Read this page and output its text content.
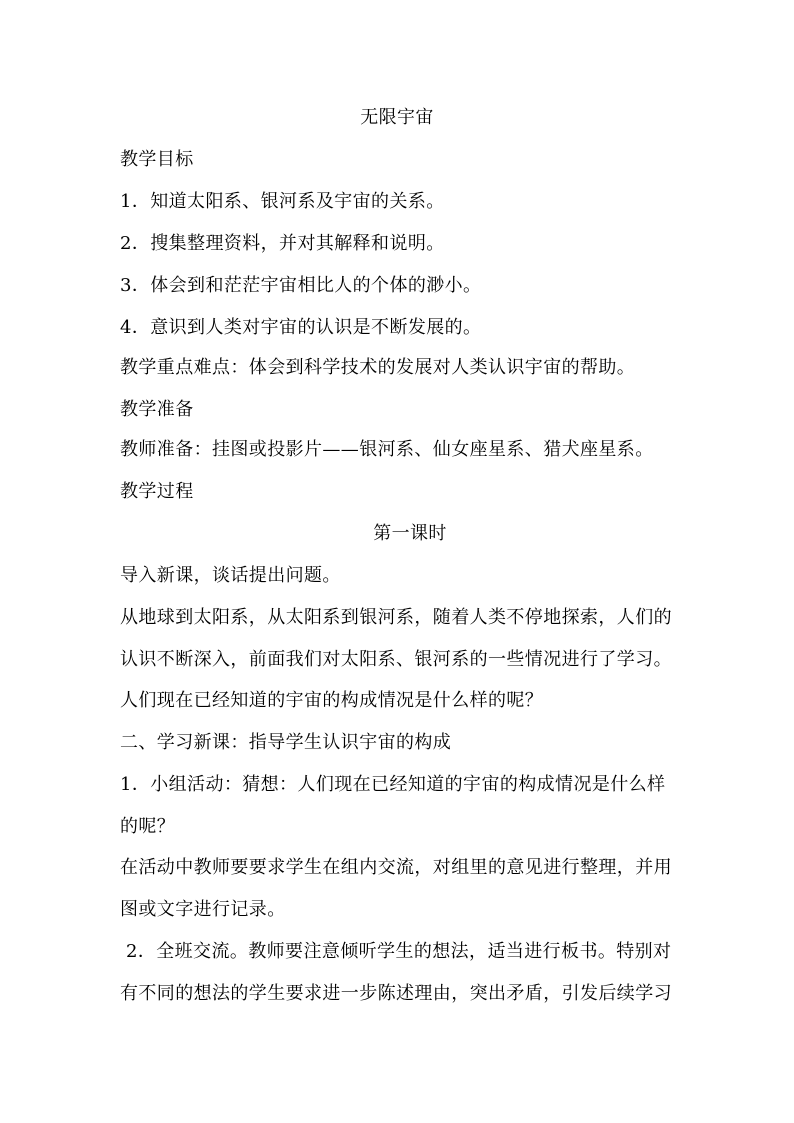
无限宇宙
教学目标
1．知道太阳系、银河系及宇宙的关系。
2．搜集整理资料，并对其解释和说明。
3．体会到和茫茫宇宙相比人的个体的渺小。
4．意识到人类对宇宙的认识是不断发展的。
教学重点难点：体会到科学技术的发展对人类认识宇宙的帮助。
教学准备
教师准备：挂图或投影片——银河系、仙女座星系、猎犬座星系。
教学过程
第一课时
导入新课，谈话提出问题。
从地球到太阳系，从太阳系到银河系，随着人类不停地探索，人们的
认识不断深入，前面我们对太阳系、银河系的一些情况进行了学习。
人们现在已经知道的宇宙的构成情况是什么样的呢？
二、学习新课：指导学生认识宇宙的构成
1．小组活动：猜想：人们现在已经知道的宇宙的构成情况是什么样
的呢？
在活动中教师要要求学生在组内交流，对组里的意见进行整理，并用
图或文字进行记录。
2．全班交流。教师要注意倾听学生的想法，适当进行板书。特别对
有不同的想法的学生要求进一步陈述理由，突出矛盾，引发后续学习
